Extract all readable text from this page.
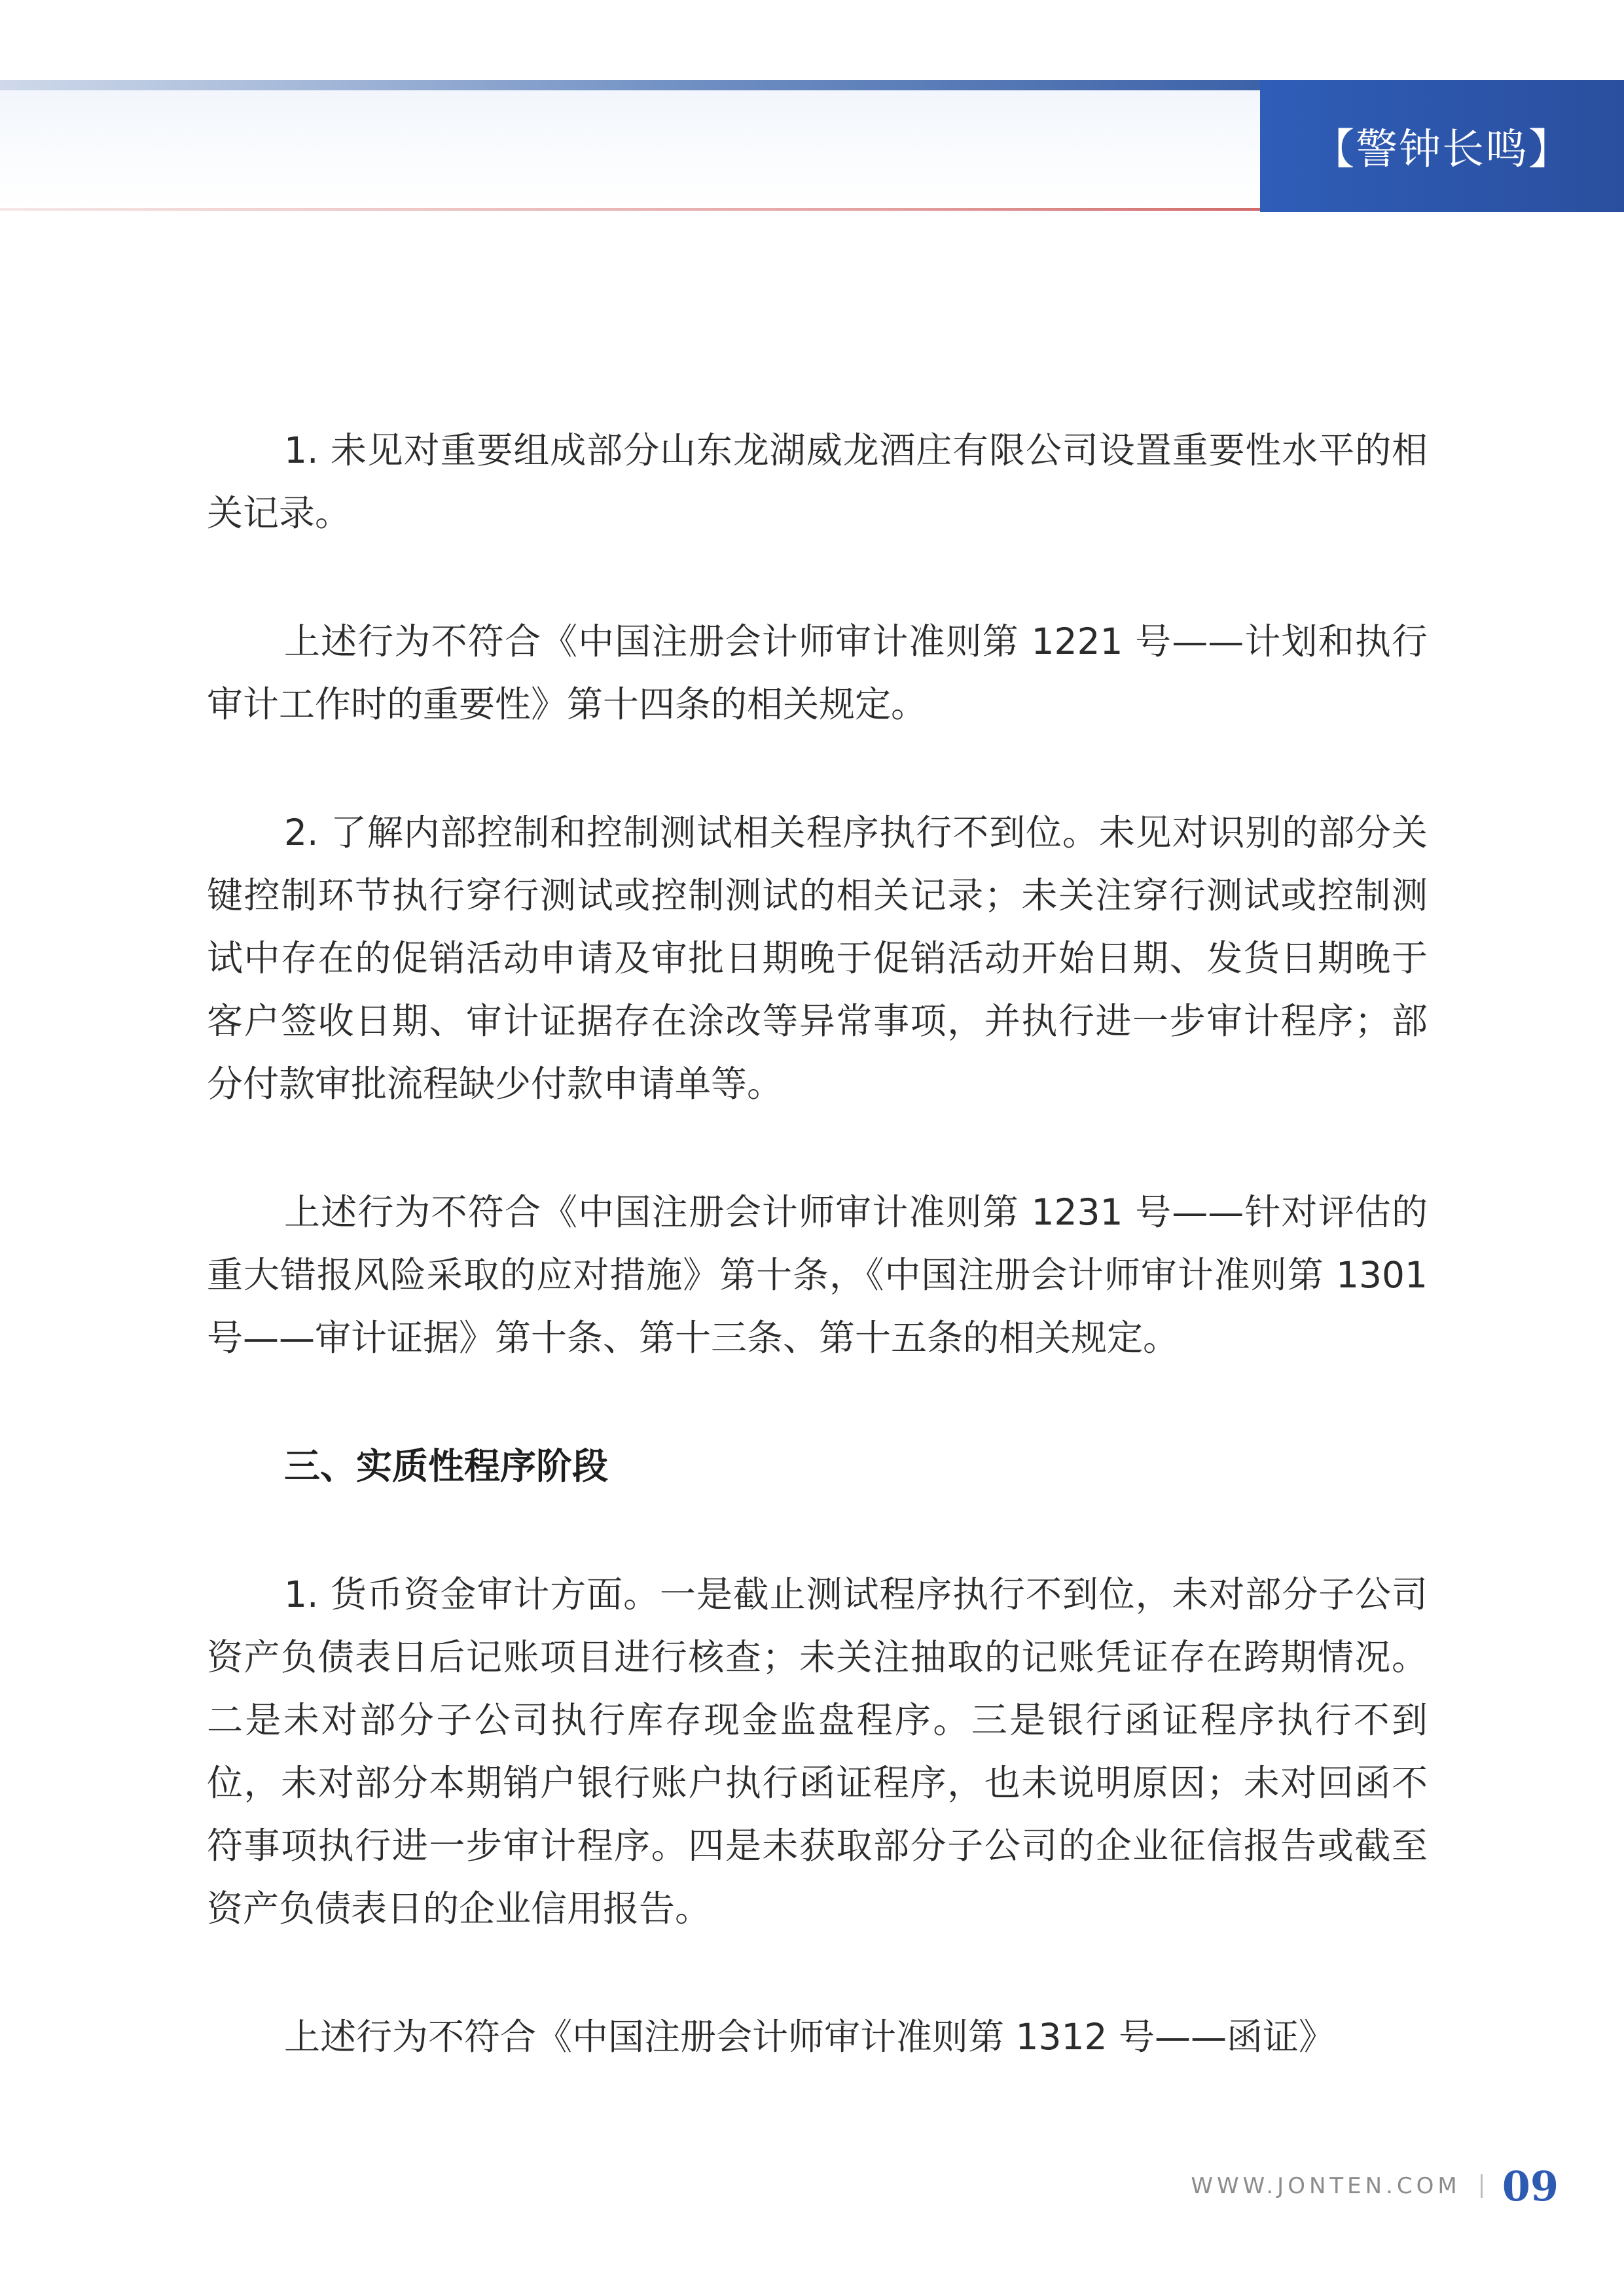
【警钟长鸣】

1. 未见对重要组成部分山东龙湖威龙酒庄有限公司设置重要性水平的相关记录。

上述行为不符合《中国注册会计师审计准则第 1221 号——计划和执行审计工作时的重要性》第十四条的相关规定。

2. 了解内部控制和控制测试相关程序执行不到位。未见对识别的部分关键控制环节执行穿行测试或控制测试的相关记录；未关注穿行测试或控制测试中存在的促销活动申请及审批日期晚于促销活动开始日期、发货日期晚于客户签收日期、审计证据存在涂改等异常事项，并执行进一步审计程序；部分付款审批流程缺少付款申请单等。

上述行为不符合《中国注册会计师审计准则第 1231 号——针对评估的重大错报风险采取的应对措施》第十条，《中国注册会计师审计准则第 1301 号——审计证据》第十条、第十三条、第十五条的相关规定。

三、实质性程序阶段

1. 货币资金审计方面。一是截止测试程序执行不到位，未对部分子公司资产负债表日后记账项目进行核查；未关注抽取的记账凭证存在跨期情况。二是未对部分子公司执行库存现金监盘程序。三是银行函证程序执行不到位，未对部分本期销户银行账户执行函证程序，也未说明原因；未对回函不符事项执行进一步审计程序。四是未获取部分子公司的企业征信报告或截至资产负债表日的企业信用报告。

上述行为不符合《中国注册会计师审计准则第 1312 号——函证》

WWW.JONTEN.COM 09
